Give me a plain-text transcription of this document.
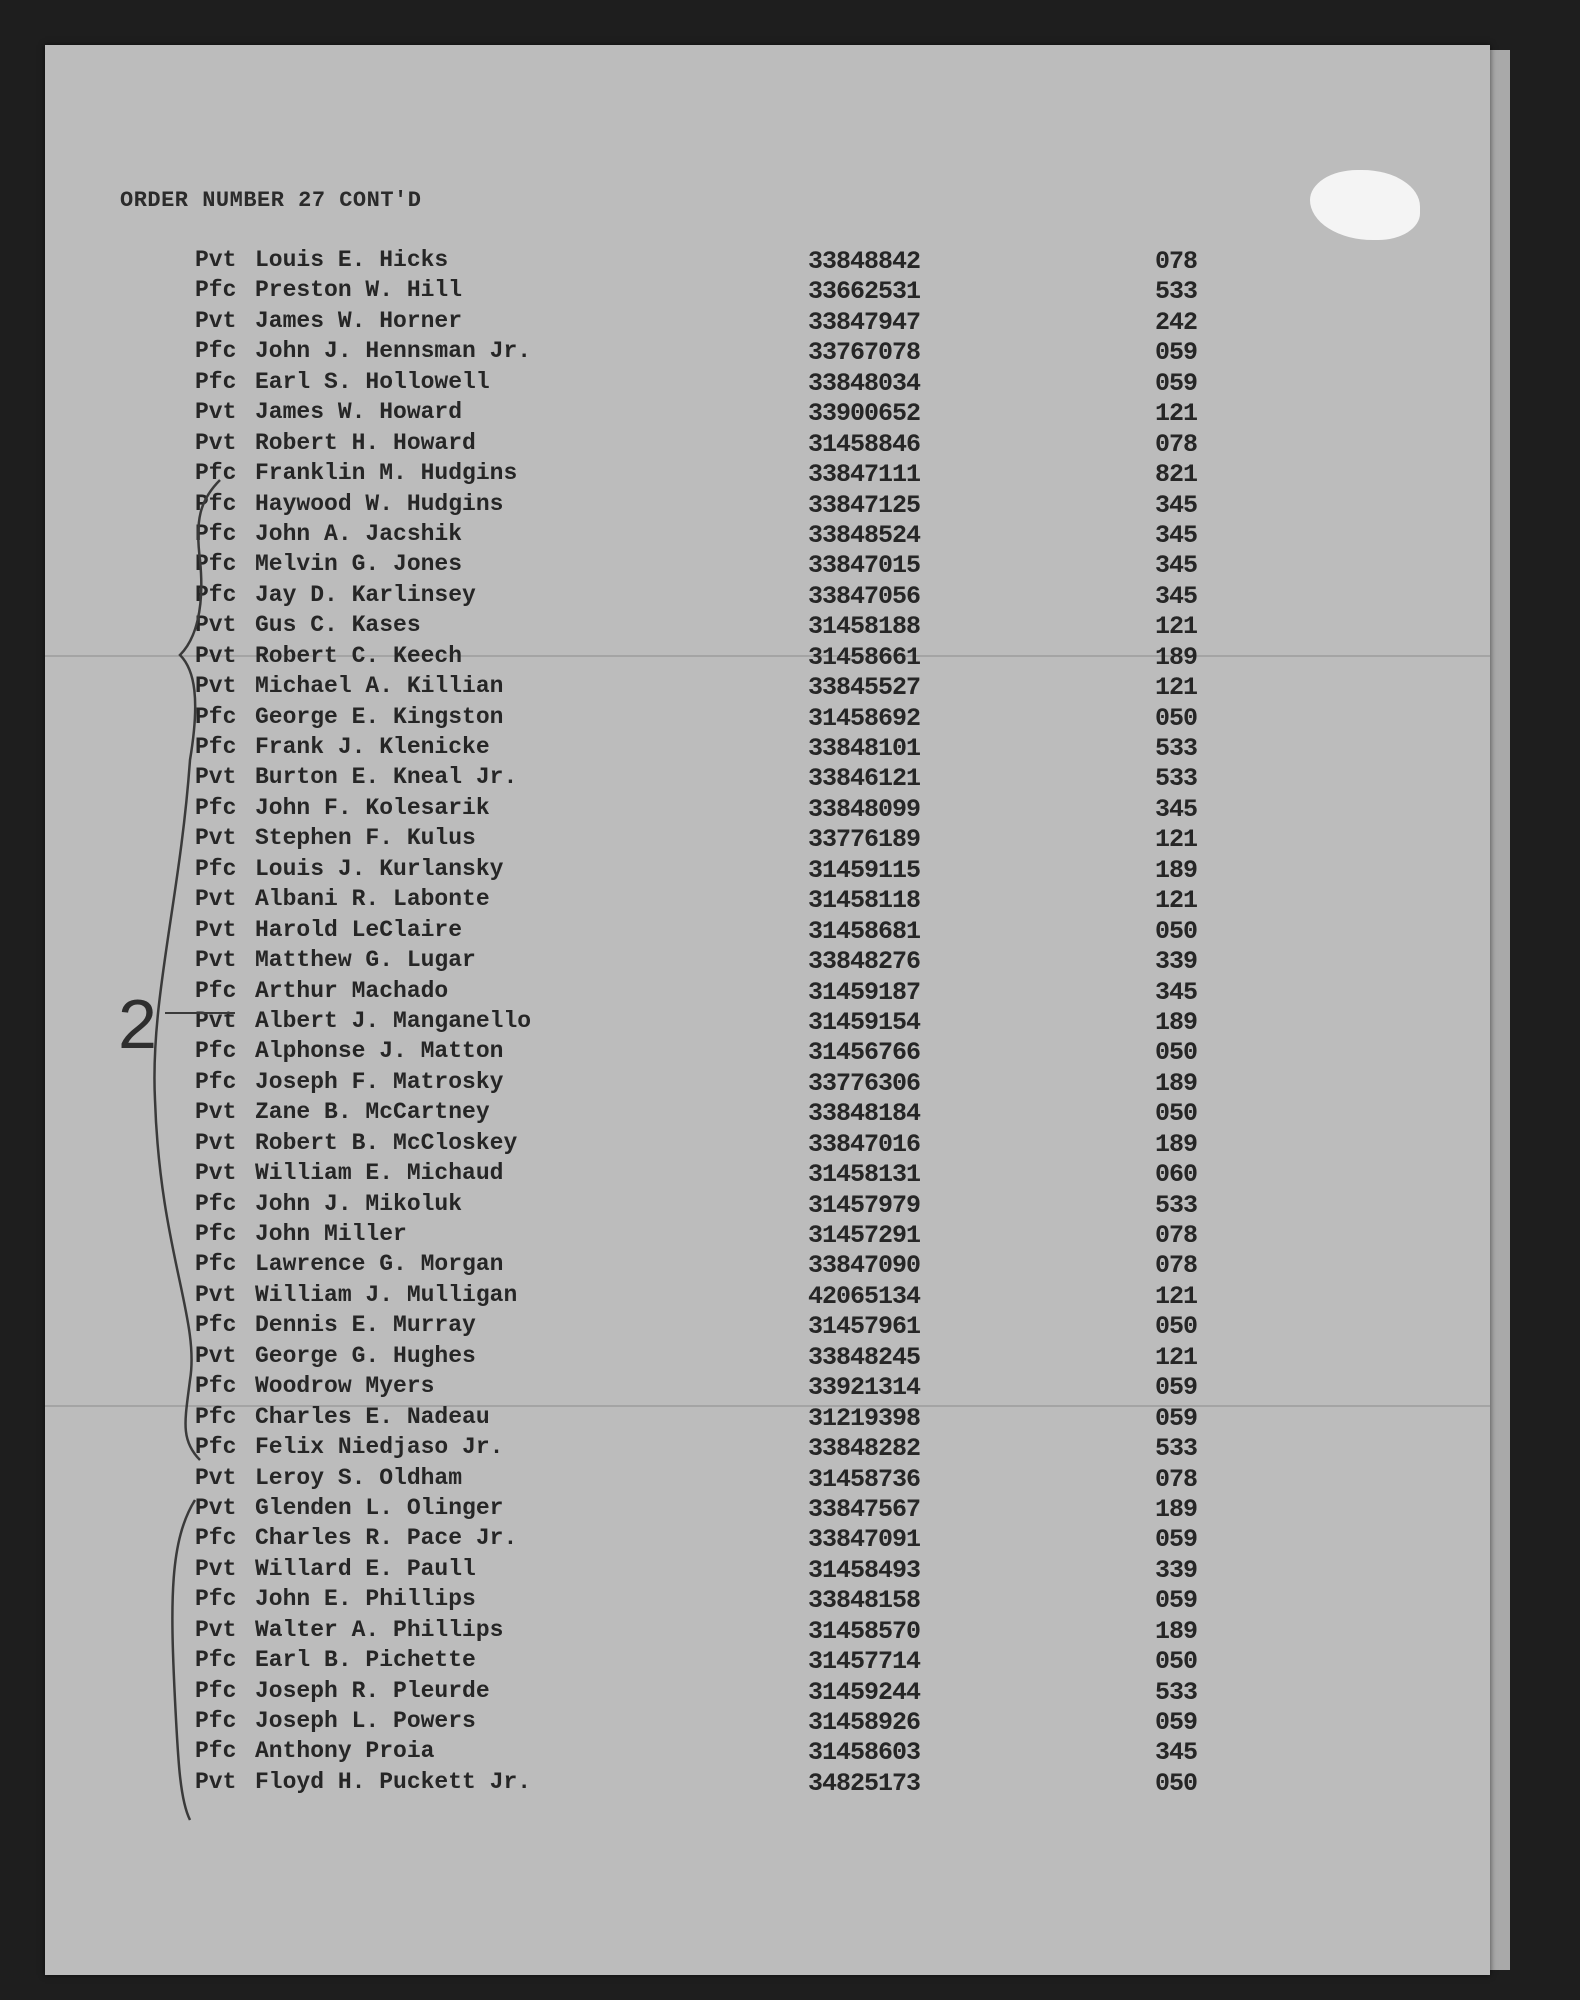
ORDER NUMBER 27 CONT'D
Pvt Louis E. Hicks	33848842	078
Pfc Preston W. Hill	33662531	533
Pvt James W. Horner	33847947	242
Pfc John J. Hennsman Jr.	33767078	059
Pfc Earl S. Hollowell	33848034	059
Pvt James W. Howard	33900652	121
Pvt Robert H. Howard	31458846	078
Pfc Franklin M. Hudgins	33847111	821
Pfc Haywood W. Hudgins	33847125	345
Pfc John A. Jacshik	33848524	345
Pfc Melvin G. Jones	33847015	345
Pfc Jay D. Karlinsey	33847056	345
Pvt Gus C. Kases	31458188	121
Pvt Robert C. Keech	31458661	189
Pvt Michael A. Killian	33845527	121
Pfc George E. Kingston	31458692	050
Pfc Frank J. Klenicke	33848101	533
Pvt Burton E. Kneal Jr.	33846121	533
Pfc John F. Kolesarik	33848099	345
Pvt Stephen F. Kulus	33776189	121
Pfc Louis J. Kurlansky	31459115	189
Pvt Albani R. Labonte	31458118	121
Pvt Harold LeClaire	31458681	050
Pvt Matthew G. Lugar	33848276	339
Pfc Arthur Machado	31459187	345
Pvt Albert J. Manganello	31459154	189
Pfc Alphonse J. Matton	31456766	050
Pfc Joseph F. Matrosky	33776306	189
Pvt Zane B. McCartney	33848184	050
Pvt Robert B. McCloskey	33847016	189
Pvt William E. Michaud	31458131	060
Pfc John J. Mikoluk	31457979	533
Pfc John Miller	31457291	078
Pfc Lawrence G. Morgan	33847090	078
Pvt William J. Mulligan	42065134	121
Pfc Dennis E. Murray	31457961	050
Pvt George G. Hughes	33848245	121
Pfc Woodrow Myers	33921314	059
Pfc Charles E. Nadeau	31219398	059
Pfc Felix Niedjaso Jr.	33848282	533
Pvt Leroy S. Oldham	31458736	078
Pvt Glenden L. Olinger	33847567	189
Pfc Charles R. Pace Jr.	33847091	059
Pvt Willard E. Paull	31458493	339
Pfc John E. Phillips	33848158	059
Pvt Walter A. Phillips	31458570	189
Pfc Earl B. Pichette	31457714	050
Pfc Joseph R. Pleurde	31459244	533
Pfc Joseph L. Powers	31458926	059
Pfc Anthony Proia	31458603	345
Pvt Floyd H. Puckett Jr.	34825173	050
2
